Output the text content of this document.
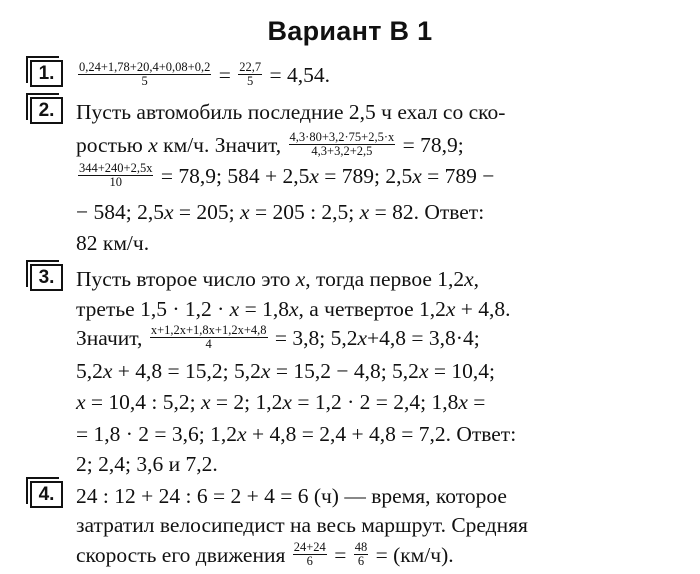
Вариант В 1
1.	$\frac{0,24+1,78+20,4+0,08+0,2}{5} = \frac{22,7}{5} = 4,54$.
2.	Пусть автомобиль последние 2,5 ч ехал со ско-
ростью x км/ч. Значит, $\frac{4,3\cdot 80+3,2\cdot 75+2,5\cdot x}{4,3+3,2+2,5} = 78,9$;
$\frac{344+240+2,5x}{10} = 78,9$; 584 + 2,5x = 789; 2,5x = 789 −
− 584; 2,5x = 205; x = 205 : 2,5; x = 82. Ответ:
82 км/ч.
3.	Пусть второе число это x, тогда первое 1,2x,
третье 1,5 · 1,2 · x = 1,8x, а четвертое 1,2x + 4,8.
Значит, $\frac{x+1,2x+1,8x+1,2x+4,8}{4} = 3,8$; 5,2x+4,8 = 3,8·4;
5,2x + 4,8 = 15,2; 5,2x = 15,2 − 4,8; 5,2x = 10,4;
x = 10,4 : 5,2; x = 2; 1,2x = 1,2 · 2 = 2,4; 1,8x =
= 1,8 · 2 = 3,6; 1,2x + 4,8 = 2,4 + 4,8 = 7,2. Ответ:
2; 2,4; 3,6 и 7,2.
4.	24 : 12 + 24 : 6 = 2 + 4 = 6 (ч) — время, которое
затратил велосипедист на весь маршрут. Средняя
скорость его движения $\frac{24+24}{6} = \frac{48}{6} = (км/ч)$.
